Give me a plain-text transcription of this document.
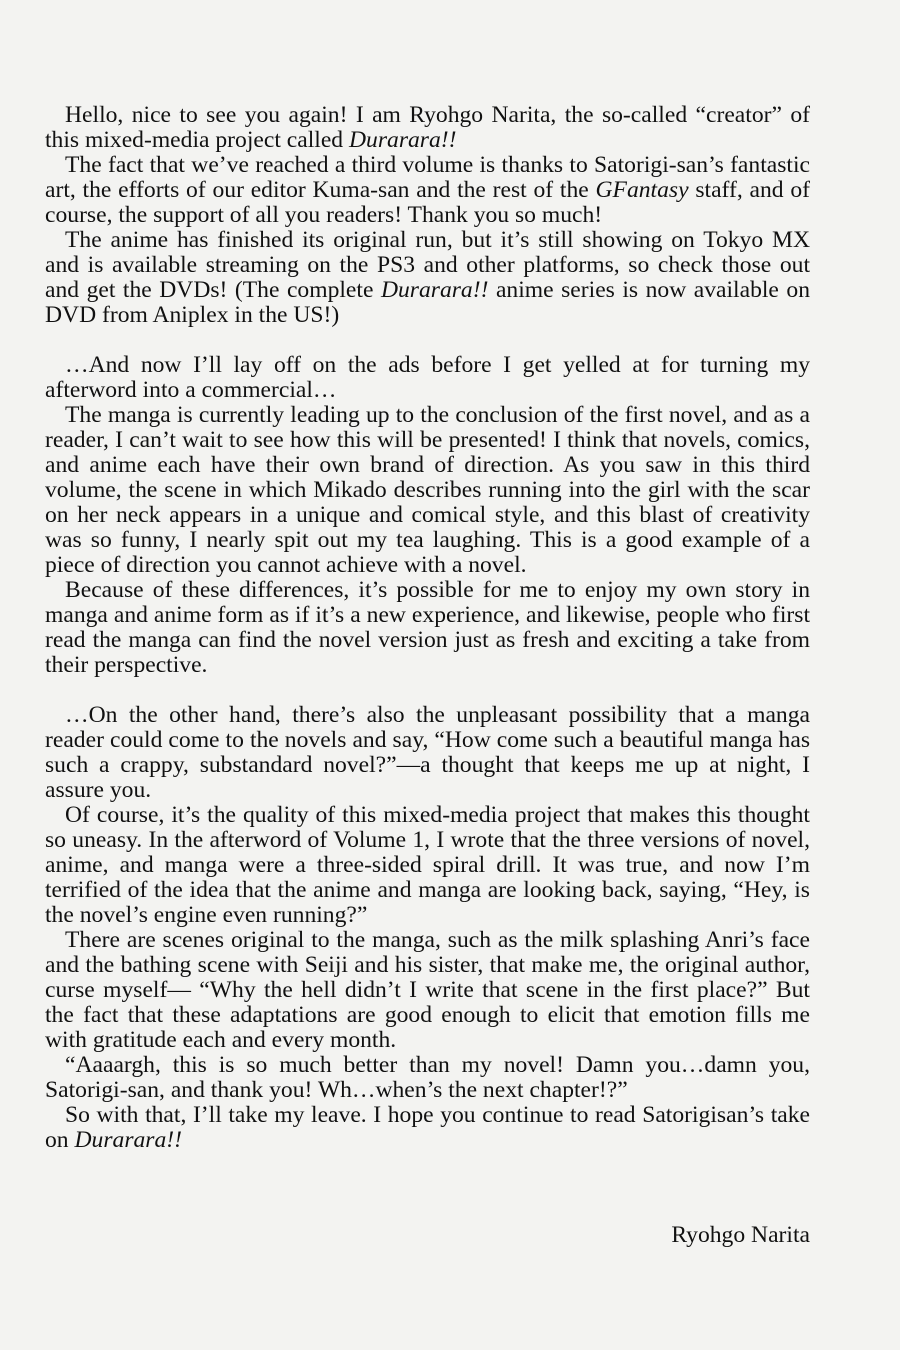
Hello, nice to see you again! I am Ryohgo Narita, the so-called “creator” of this mixed-media project called Durarara!!

The fact that we’ve reached a third volume is thanks to Satorigi-san’s fantastic art, the efforts of our editor Kuma-san and the rest of the GFantasy staff, and of course, the support of all you readers! Thank you so much!

The anime has finished its original run, but it’s still showing on Tokyo MX and is available streaming on the PS3 and other platforms, so check those out and get the DVDs! (The complete Durarara!! anime series is now available on DVD from Aniplex in the US!)

…And now I’ll lay off on the ads before I get yelled at for turning my afterword into a commercial…

The manga is currently leading up to the conclusion of the first novel, and as a reader, I can’t wait to see how this will be presented! I think that novels, comics, and anime each have their own brand of direction. As you saw in this third volume, the scene in which Mikado describes running into the girl with the scar on her neck appears in a unique and comical style, and this blast of creativity was so funny, I nearly spit out my tea laughing. This is a good example of a piece of direction you cannot achieve with a novel.

Because of these differences, it’s possible for me to enjoy my own story in manga and anime form as if it’s a new experience, and likewise, people who first read the manga can find the novel version just as fresh and exciting a take from their perspective.

…On the other hand, there’s also the unpleasant possibility that a manga reader could come to the novels and say, “How come such a beautiful manga has such a crappy, substandard novel?”—a thought that keeps me up at night, I assure you.

Of course, it’s the quality of this mixed-media project that makes this thought so uneasy. In the afterword of Volume 1, I wrote that the three versions of novel, anime, and manga were a three-sided spiral drill. It was true, and now I’m terrified of the idea that the anime and manga are looking back, saying, “Hey, is the novel’s engine even running?”

There are scenes original to the manga, such as the milk splashing Anri’s face and the bathing scene with Seiji and his sister, that make me, the original author, curse myself— “Why the hell didn’t I write that scene in the first place?” But the fact that these adaptations are good enough to elicit that emotion fills me with gratitude each and every month.

“Aaaargh, this is so much better than my novel! Damn you…damn you, Satorigi-san, and thank you! Wh…when’s the next chapter!?”

So with that, I’ll take my leave. I hope you continue to read Satorigisan’s take on Durarara!!

Ryohgo Narita
